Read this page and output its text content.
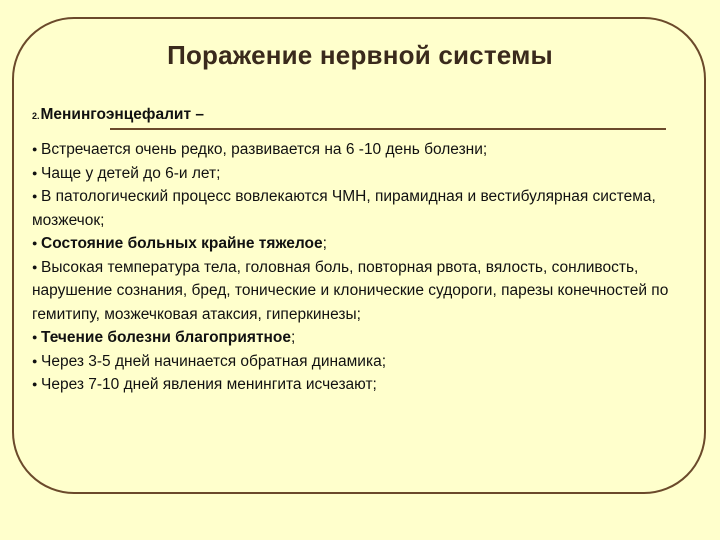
Поражение нервной системы
2.Менингоэнцефалит –

● Встречается очень редко, развивается на 6 -10 день болезни;

● Чаще у детей до 6-и лет;

● В патологический процесс вовлекаются ЧМН, пирамидная и вестибулярная система, мозжечок;

● Состояние больных крайне тяжелое;

● Высокая температура тела, головная боль, повторная рвота, вялость, сонливость, нарушение сознания, бред, тонические и клонические судороги, парезы конечностей по гемитипу, мозжечковая атаксия, гиперкинезы;

● Течение болезни благоприятное;

● Через 3-5 дней начинается обратная динамика;

● Через 7-10 дней явления менингита исчезают;
